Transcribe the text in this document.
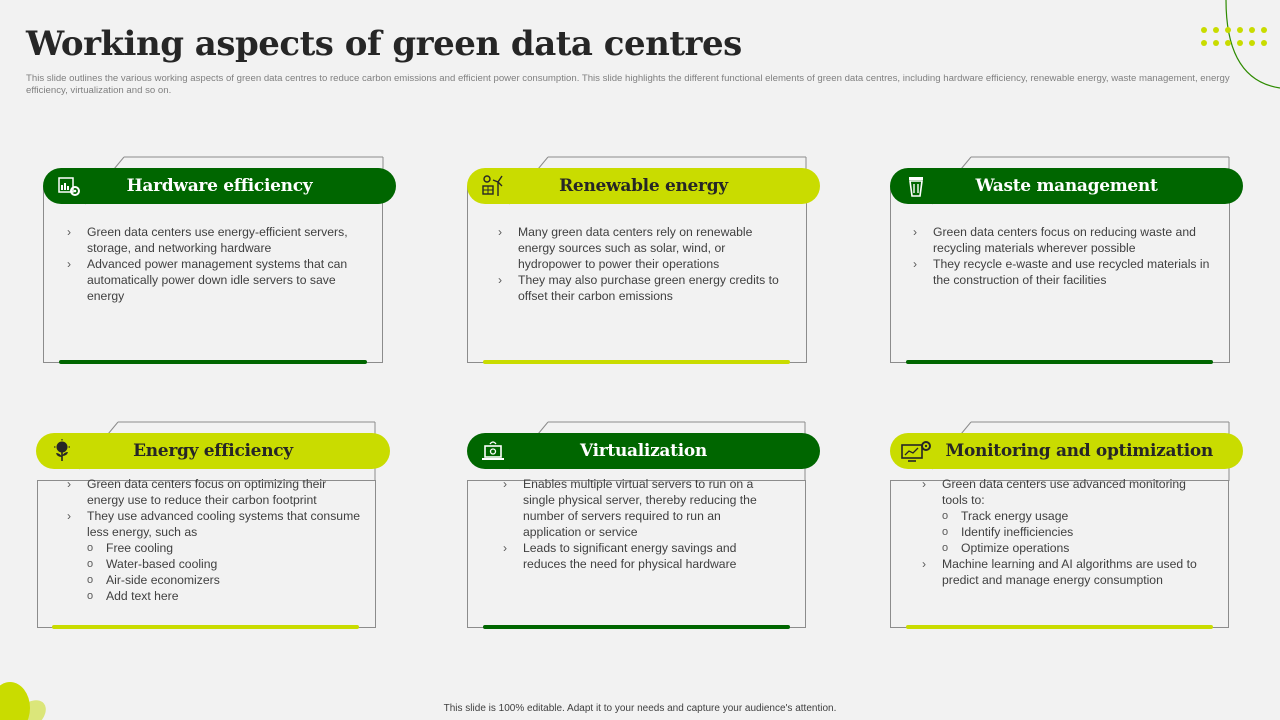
Working aspects of green data centres

This slide outlines the various working aspects of green data centres to reduce carbon emissions and efficient power consumption. This slide highlights the different functional elements of green data centres, including hardware efficiency, renewable energy, waste management, energy efficiency, virtualization and so on.

Hardware efficiency
› Green data centers use energy-efficient servers, storage, and networking hardware
› Advanced power management systems that can automatically power down idle servers to save energy
Renewable energy
› Many green data centers rely on renewable energy sources such as solar, wind, or hydropower to power their operations
› They may also purchase green energy credits to offset their carbon emissions
Waste management
› Green data centers focus on reducing waste and recycling materials wherever possible
› They recycle e-waste and use recycled materials in the construction of their facilities
Energy efficiency
› Green data centers focus on optimizing their energy use to reduce their carbon footprint
› They use advanced cooling systems that consume less energy, such as
o Free cooling
o Water-based cooling
o Air-side economizers
o Add text here
Virtualization
› Enables multiple virtual servers to run on a single physical server, thereby reducing the number of servers required to run an application or service
› Leads to significant energy savings and reduces the need for physical hardware
Monitoring and optimization
› Green data centers use advanced monitoring tools to:
o Track energy usage
o Identify inefficiencies
o Optimize operations
› Machine learning and AI algorithms are used to predict and manage energy consumption
This slide is 100% editable. Adapt it to your needs and capture your audience's attention.
